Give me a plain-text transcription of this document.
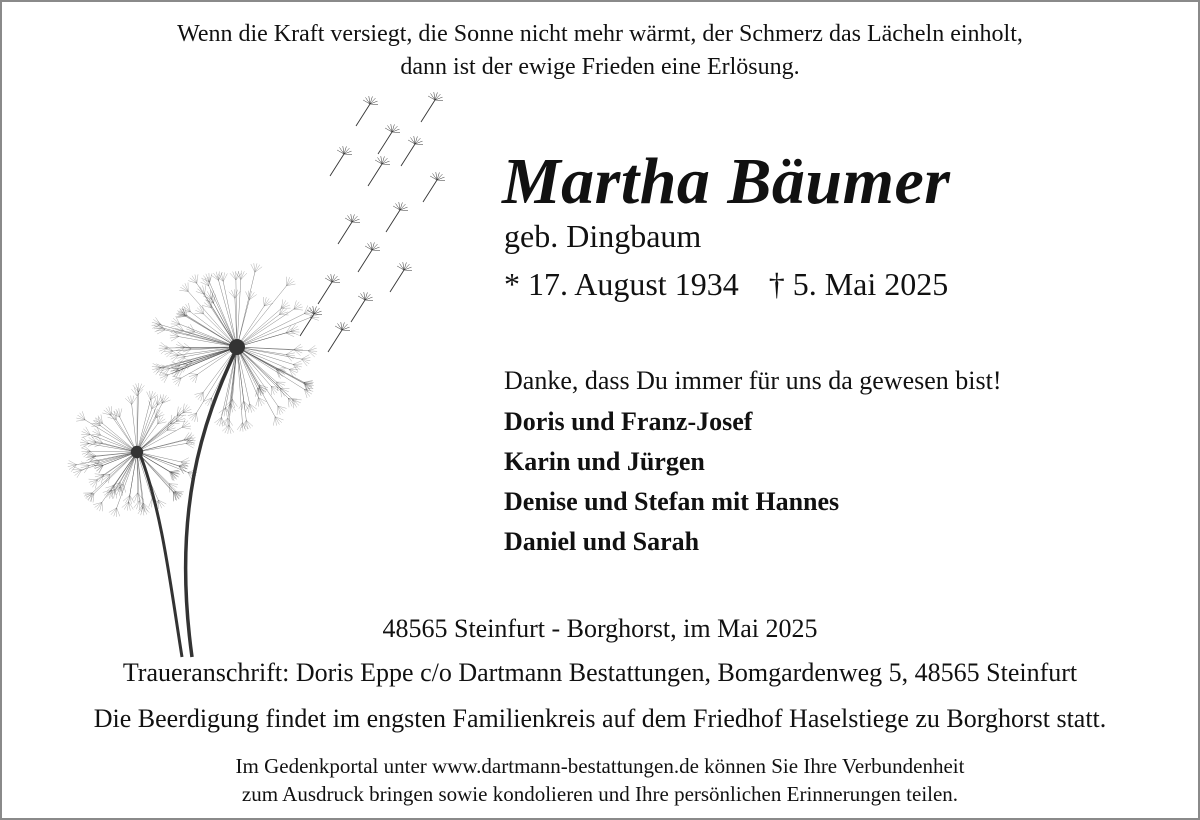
Wenn die Kraft versiegt, die Sonne nicht mehr wärmt, der Schmerz das Lächeln einholt,
dann ist der ewige Frieden eine Erlösung.
Martha Bäumer
geb. Dingbaum
* 17. August 1934 † 5. Mai 2025
Danke, dass Du immer für uns da gewesen bist!
Doris und Franz-Josef
Karin und Jürgen
Denise und Stefan mit Hannes
Daniel und Sarah
48565 Steinfurt - Borghorst, im Mai 2025
Traueranschrift: Doris Eppe c/o Dartmann Bestattungen, Bomgardenweg 5, 48565 Steinfurt
Die Beerdigung findet im engsten Familienkreis auf dem Friedhof Haselstiege zu Borghorst statt.
Im Gedenkportal unter www.dartmann-bestattungen.de können Sie Ihre Verbundenheit
zum Ausdruck bringen sowie kondolieren und Ihre persönlichen Erinnerungen teilen.
